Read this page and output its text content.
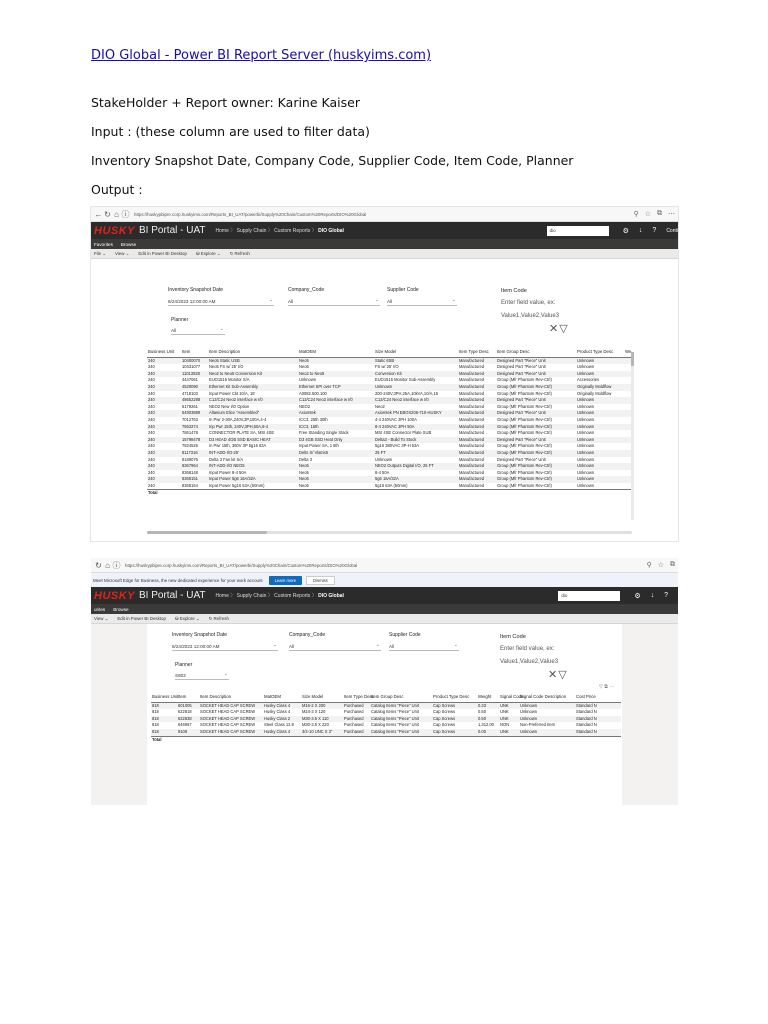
DIO Global - Power BI Report Server (huskyims.com)
StakeHolder + Report owner: Karine Kaiser
Input : (these column are used to filter data)
Inventory Snapshot Date, Company Code, Supplier Code, Item Code, Planner
Output :
← ↻ ⌂ ⓘ https://huskypbipre.corp.huskyims.com/Reports_BI_UAT/powerbi/Supply%20Chain/Custom%20Reports/DIO%20Global	⚲ ☆ ⧉ ⋯
HUSKY BI Portal - UAT Home 〉 Supply Chain 〉 Custom Reports 〉 DIO Global	dio	⚙ ↓ ? Conti
Favorites Browse
File ⌄ View ⌄ Edit in Power BI Desktop ⛁ Explore ⌄ ↻ Refresh
Inventory Snapshot Date
8/24/2023 12:00:00 AM	⌄
Company_Code
All	⌄
Supplier Code
All	⌄
Planner
All	⌄
Item Code
Enter field value, ex:
Value1,Value2,Value3
✕▽
Business Unit	Item	Item Description	MatOEM	Size Model	Item Type Desc	Item Group Desc	Product Type Desc	We
240	10400070	Neo5 Static USB	Neo5	Static 6SB	Manufactured	Designed Part "Piece" Unit	Unknown	
240	10431077	Neo5 FS w/ 25' I/O	Neo5	FS w/ 25' I/O	Manufactured	Designed Part "Piece" Unit	Unknown	
240	11013928	Neo2 to Neo5 Conversion Kit	Neo2 to Neo5	Conversion Kit	Manufactured	Designed Part "Piece" Unit	Unknown	
240	4447061	EUO1515 Monitor S/A	Unknown	EUO1515 Monitor Sub-Assembly	Manufactured	Group (Mfr Phantom Rev-Ctrl)	Accessories	
240	4529090	Ethernet Kit Sub-Assembly	Ethernet SPI over TCP	Unknown	Manufactured	Group (Mfr Phantom Rev-Ctrl)	Originally Moldflow	
240	4718103	Input Power Ckt 10/A, 15'	A0082.500.100	200-240V,3PH,25A,10kVA,10/A,15	Manufactured	Group (Mfr Phantom Rev-Ctrl)	Originally Moldflow	
240	48652288	C12/C24 Neo2 interface w I/0	C12/C24 Neo2 interface w I/0	C12/C24 Neo2 interface w I/0	Manufactured	Designed Part "Piece" Unit	Unknown	
240	5179261	NEO2 New I/O Option	NEO2	Neo2	Manufactured	Group (Mfr Phantom Rev-Ctrl)	Unknown	
240	54903889	Altanium Elice "Assembled"	Axiomtek	Axiomtek PN EBOX206-710-HUSKY	Manufactured	Designed Part "Piece" Unit	Unknown	
240	7012763	In Pwr 2-30A,240V,3P,100A,4-4	ICC3, 25th 30th	4-4 240VAC 3PH 100A	Manufactured	Group (Mfr Phantom Rev-Ctrl)	Unknown	
240	7553274	Inp Pwr 15th, 240V,3PH,50A,8-4	ICC3, 15th	8-4 240VAC 3PH 50A	Manufactured	Group (Mfr Phantom Rev-Ctrl)	Unknown	
240	7861478	CONNECTOR PLATE SA, MSI 4SE	Free Standing Single Stack	MSI 4SE Connector Plate SUB	Manufactured	Group (Mfr Phantom Rev-Ctrl)	Unknown	
240	15798478	D3 HEAD 4GB SSD BASIC HEAT	D3 4GB SSD Heat Only	Delta3 - Build To Stock	Manufactured	Designed Part "Piece" Unit	Unknown	
240	7824526	In Pwr 15th, 380V 3P 5g16 63A	Input Power SA, 1 5th	5g16 380VAC 3P-H 63A	Manufactured	Group (Mfr Phantom Rev-Ctrl)	Unknown	
240	8117316	INT-ADD-I/O-25'	Delts S/ Vlatrix5	25 FT	Manufactured	Group (Mfr Phantom Rev-Ctrl)	Unknown	
240	8189075	Delta 3 Fan kit S/A	Delta 3	Unknown	Manufactured	Designed Part "Piece" Unit	Unknown	
240	8367964	INT-ADD-I/O NEO5	Neo5	NEO2 Outputs Digital I/O, 25 FT	Manufactured	Group (Mfr Phantom Rev-Ctrl)	Unknown	
240	8368148	Input Power 8-4 50A	Neo5	8-4 50A	Manufactured	Group (Mfr Phantom Rev-Ctrl)	Unknown	
240	8368151	Input Power 5g6 16A/32A	Neo5	5g6 16A/32A	Manufactured	Group (Mfr Phantom Rev-Ctrl)	Unknown	
240	8368154	Input Power 5g16 63A (50mm)	Neo5	5g16 63A (50mm)	Manufactured	Group (Mfr Phantom Rev-Ctrl)	Unknown	
Total								
↻ ⌂ ⓘ https://huskypbipre.corp.huskyims.com/Reports_BI_UAT/powerbi/Supply%20Chain/Custom%20Reports/DIO%20Global	⚲ ☆ ⧉
Meet Microsoft Edge for Business, the new dedicated experience for your work account	Learn more	Dismiss
HUSKY BI Portal - UAT Home 〉 Supply Chain 〉 Custom Reports 〉 DIO Global	dio	⚙ ↓ ?
urites Browse
View ⌄ Edit in Power BI Desktop ⛁ Explore ⌄ ↻ Refresh
Inventory Snapshot Date
8/24/2023 12:00:00 AM	⌄
Company_Code
All	⌄
Supplier Code
All	⌄
Planner
S803	⌄
Item Code
Enter field value, ex:
Value1,Value2,Value3
✕▽
▽ ⧉ ⋯
Business Unit	Item	Item Description	MatOEM	Size Model	Item Type Desc	Item Group Desc	Product Type Desc	Weight	Signal Code	Signal Code Description	Cost Price
818	601005	SOCKET HEAD CAP SCREW	Husky Class 4	M16-2 X 200	Purchased	Catalog Items "Piece" Unit	Cap Screws	0.33	UNK	Unknown	Standard N
818	622818	SOCKET HEAD CAP SCREW	Husky Class 4	M24-3 X 120	Purchased	Catalog Items "Piece" Unit	Cap Screws	0.50	UNK	Unknown	Standard N
818	622838	SOCKET HEAD CAP SCREW	Husky Class 2	M30-3.5 X 110	Purchased	Catalog Items "Piece" Unit	Cap Screws	0.50	UNK	Unknown	Standard N
818	646967	SOCKET HEAD CAP SCREW	Steel Class 12.9	M30-3.5 X 220	Purchased	Catalog Items "Piece" Unit	Cap Screws	1,312.00	NON	Non-Preferred Item	Standard N
818	9108	SOCKET HEAD CAP SCREW	Husky Class 4	3/4-10 UNC X 3"	Purchased	Catalog Items "Piece" Unit	Cap Screws	0.00	UNK	Unknown	Standard N
Total											
